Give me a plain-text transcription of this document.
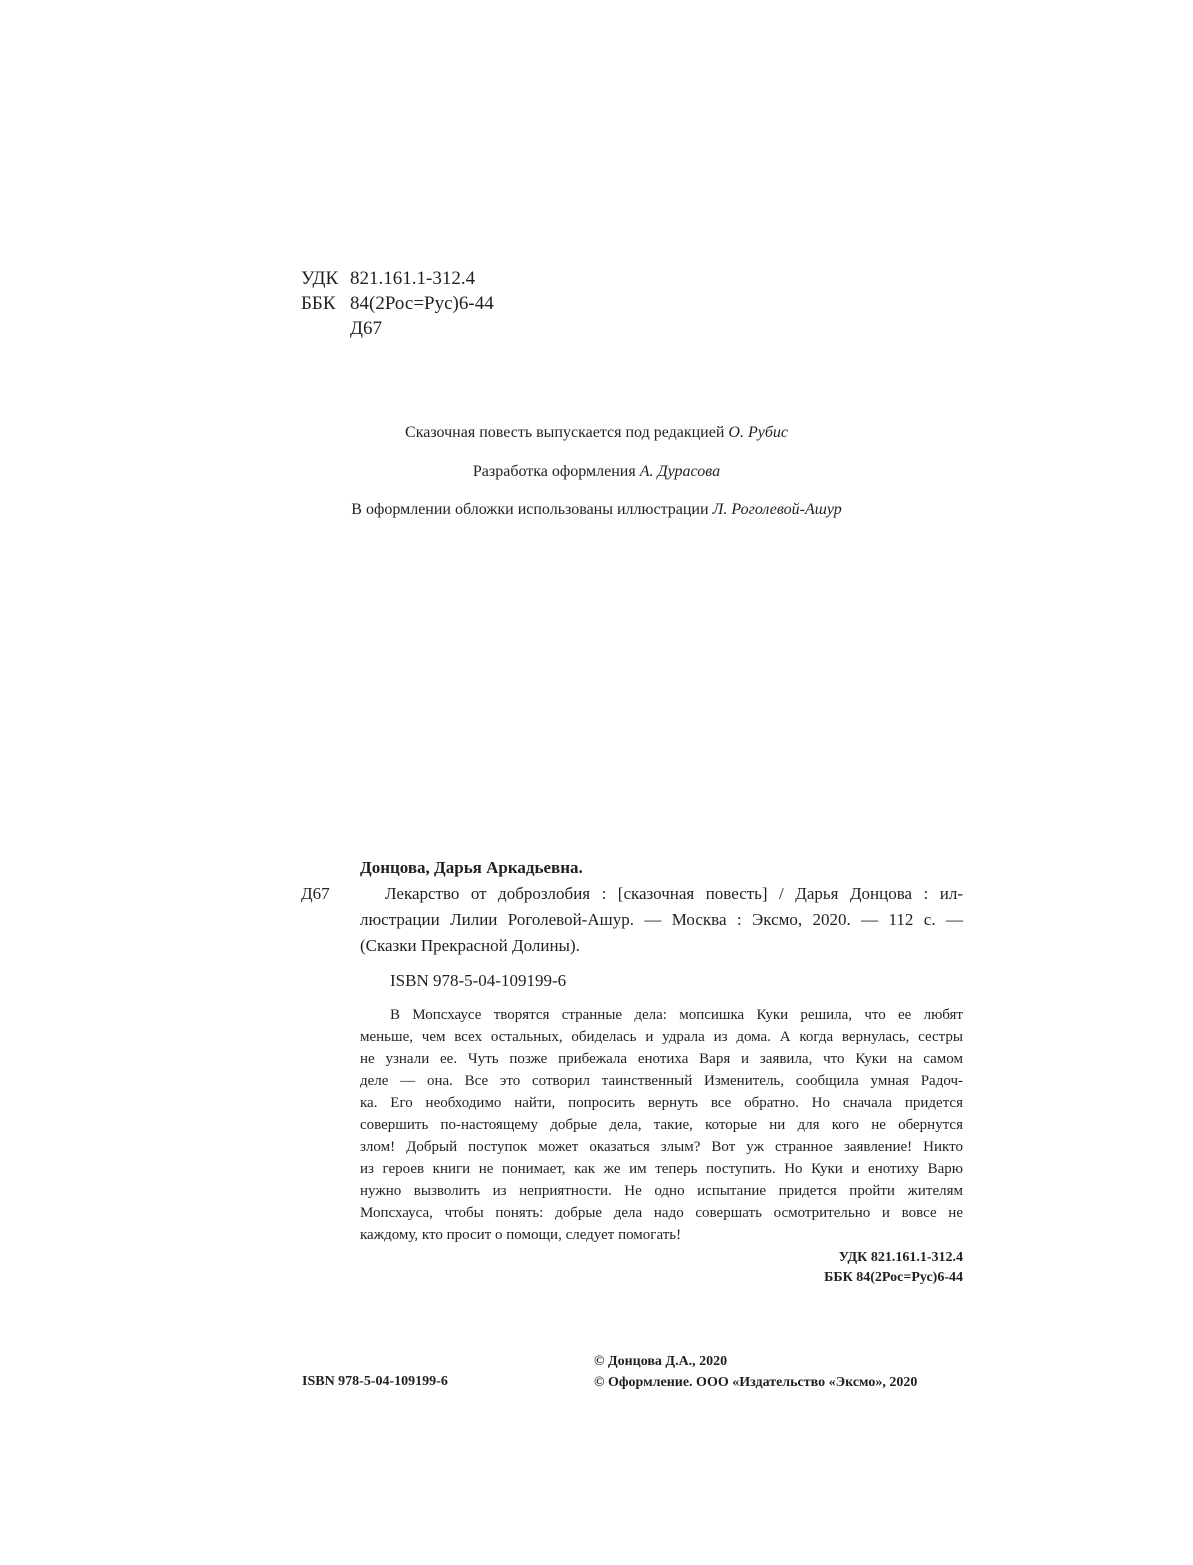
УДК 821.161.1-312.4
ББК 84(2Рос=Рус)6-44
Д67
Сказочная повесть выпускается под редакцией О. Рубис
Разработка оформления А. Дурасова
В оформлении обложки использованы иллюстрации Л. Роголевой-Ашур
Донцова, Дарья Аркадьевна.
Д67	Лекарство от доброзлобия : [сказочная повесть] / Дарья Донцова : ил-
люстрации Лилии Роголевой-Ашур. — Москва : Эксмо, 2020. — 112 с. —
(Сказки Прекрасной Долины).
ISBN 978-5-04-109199-6
В Мопсхаусе творятся странные дела: мопсишка Куки решила, что ее любят
меньше, чем всех остальных, обиделась и удрала из дома. А когда вернулась, сестры
не узнали ее. Чуть позже прибежала енотиха Варя и заявила, что Куки на самом
деле — она. Все это сотворил таинственный Изменитель, сообщила умная Радоч-
ка. Его необходимо найти, попросить вернуть все обратно. Но сначала придется
совершить по-настоящему добрые дела, такие, которые ни для кого не обернутся
злом! Добрый поступок может оказаться злым? Вот уж странное заявление! Никто
из героев книги не понимает, как же им теперь поступить. Но Куки и енотиху Варю
нужно вызволить из неприятности. Не одно испытание придется пройти жителям
Мопсхауса, чтобы понять: добрые дела надо совершать осмотрительно и вовсе не
каждому, кто просит о помощи, следует помогать!
УДК 821.161.1-312.4
ББК 84(2Рос=Рус)6-44
ISBN 978-5-04-109199-6
© Донцова Д.А., 2020
© Оформление. ООО «Издательство «Эксмо», 2020
